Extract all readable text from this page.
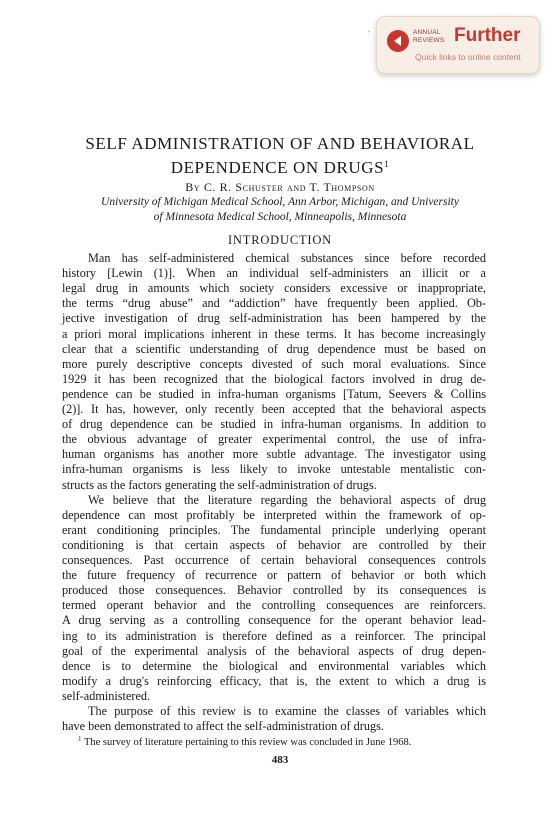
•	ANNUAL
REVIEWS Further
Quick links to online content
SELF ADMINISTRATION OF AND BEHAVIORAL
DEPENDENCE ON DRUGS$^1$
By C. R. Schuster and T. Thompson
University of Michigan Medical School, Ann Arbor, Michigan, and University
of Minnesota Medical School, Minneapolis, Minnesota
INTRODUCTION
Man has self-administered chemical substances since before recorded
history [Lewin (1)]. When an individual self-administers an illicit or a
legal drug in amounts which society considers excessive or inappropriate,
the terms “drug abuse” and “addiction” have frequently been applied. Ob-
jective investigation of drug self-administration has been hampered by the
a priori moral implications inherent in these terms. It has become increasingly
clear that a scientific understanding of drug dependence must be based on
more purely descriptive concepts divested of such moral evaluations. Since
1929 it has been recognized that the biological factors involved in drug de-
pendence can be studied in infra-human organisms [Tatum, Seevers & Collins
(2)]. It has, however, only recently been accepted that the behavioral aspects
of drug dependence can be studied in infra-human organisms. In addition to
the obvious advantage of greater experimental control, the use of infra-
human organisms has another more subtle advantage. The investigator using
infra-human organisms is less likely to invoke untestable mentalistic con-
structs as the factors generating the self-administration of drugs.
We believe that the literature regarding the behavioral aspects of drug
dependence can most profitably be interpreted within the framework of op-
erant conditioning principles. The fundamental principle underlying operant
conditioning is that certain aspects of behavior are controlled by their
consequences. Past occurrence of certain behavioral consequences controls
the future frequency of recurrence or pattern of behavior or both which
produced those consequences. Behavior controlled by its consequences is
termed operant behavior and the controlling consequences are reinforcers.
A drug serving as a controlling consequence for the operant behavior lead-
ing to its administration is therefore defined as a reinforcer. The principal
goal of the experimental analysis of the behavioral aspects of drug depen-
dence is to determine the biological and environmental variables which
modify a drug's reinforcing efficacy, that is, the extent to which a drug is
self-administered.
The purpose of this review is to examine the classes of variables which
have been demonstrated to affect the self-administration of drugs.
$^1$ The survey of literature pertaining to this review was concluded in June 1968.
483
